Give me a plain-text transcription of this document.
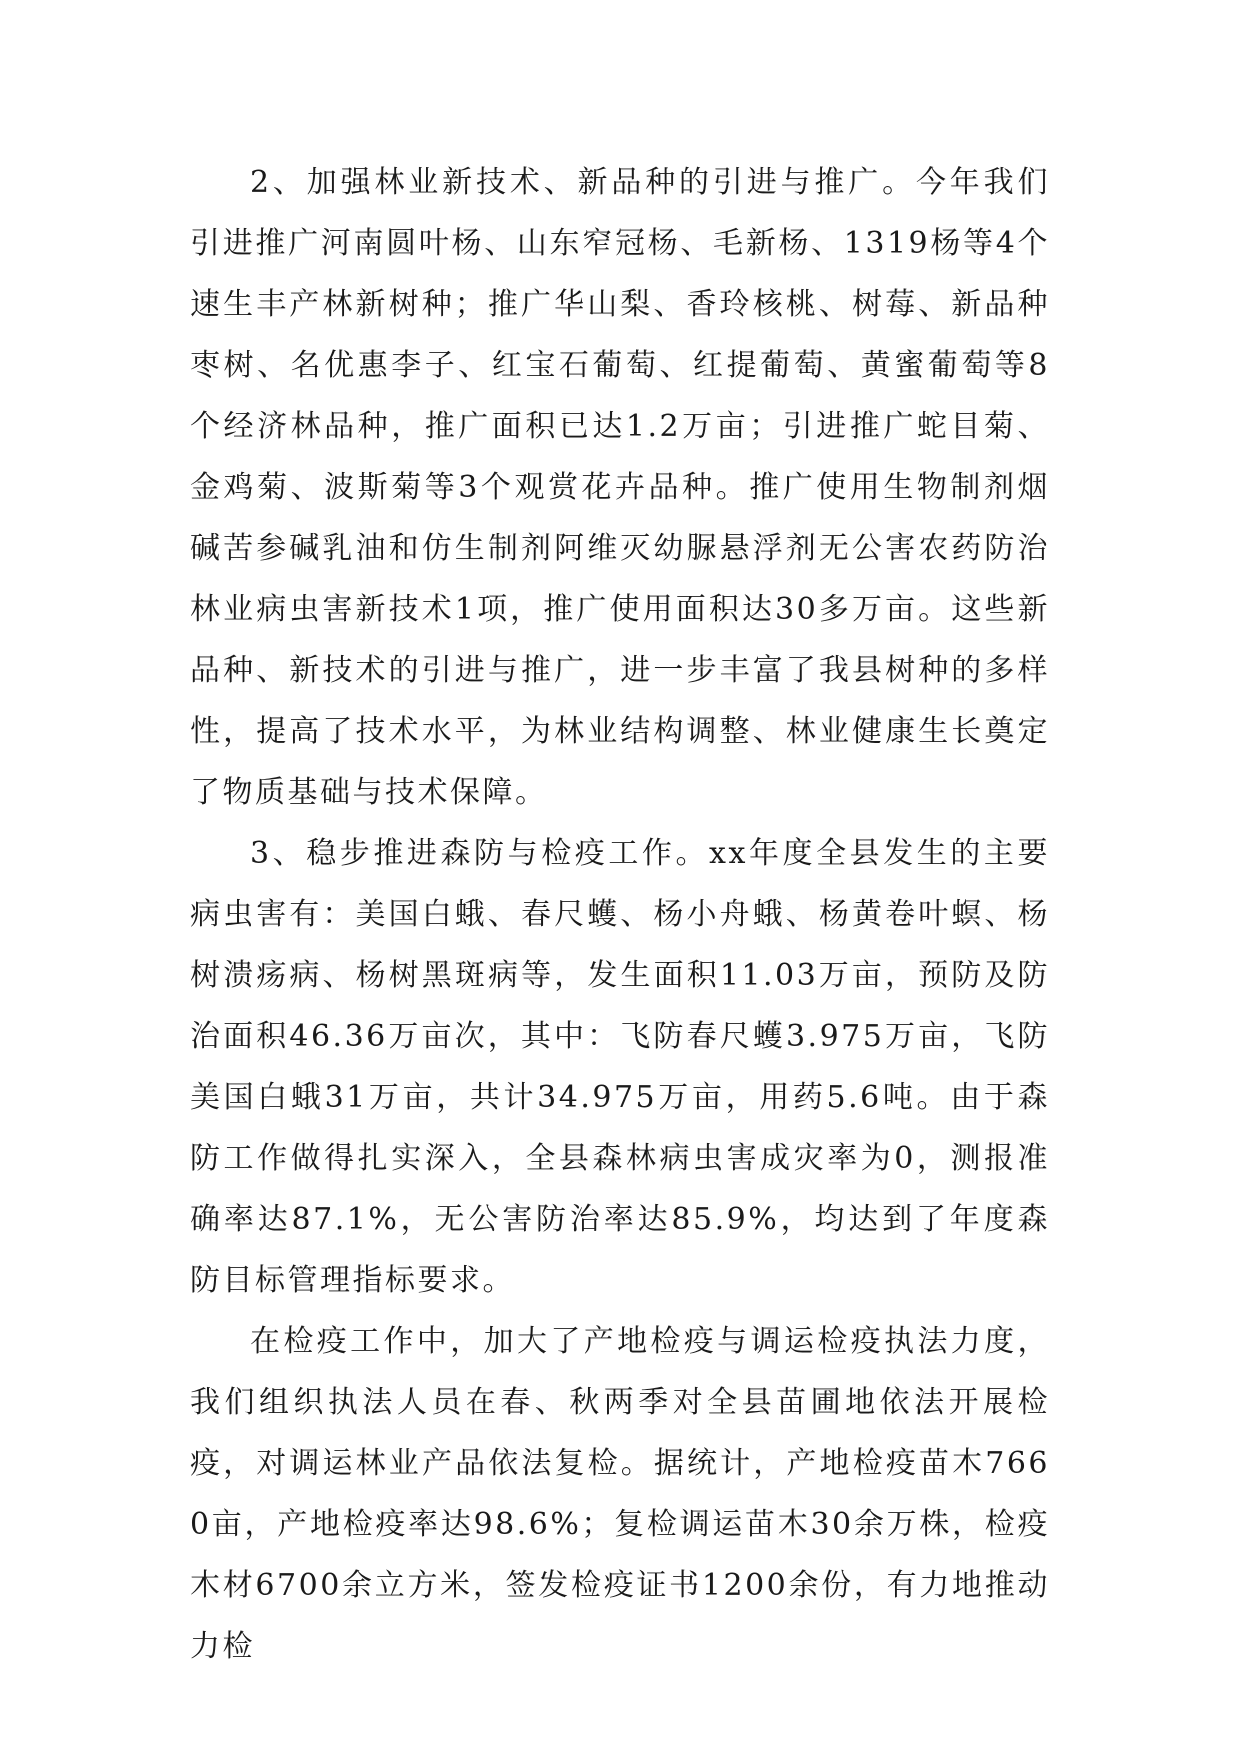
2、加强林业新技术、新品种的引进与推广。今年我们引进推广河南圆叶杨、山东窄冠杨、毛新杨、1319杨等4个速生丰产林新树种；推广华山梨、香玲核桃、树莓、新品种枣树、名优惠李子、红宝石葡萄、红提葡萄、黄蜜葡萄等8个经济林品种，推广面积已达1.2万亩；引进推广蛇目菊、金鸡菊、波斯菊等3个观赏花卉品种。推广使用生物制剂烟碱苦参碱乳油和仿生制剂阿维灭幼脲悬浮剂无公害农药防治林业病虫害新技术1项，推广使用面积达30多万亩。这些新品种、新技术的引进与推广，进一步丰富了我县树种的多样性，提高了技术水平，为林业结构调整、林业健康生长奠定了物质基础与技术保障。

3、稳步推进森防与检疫工作。xx年度全县发生的主要病虫害有：美国白蛾、春尺蠖、杨小舟蛾、杨黄卷叶螟、杨树溃疡病、杨树黑斑病等，发生面积11.03万亩，预防及防治面积46.36万亩次，其中：飞防春尺蠖3.975万亩，飞防美国白蛾31万亩，共计34.975万亩，用药5.6吨。由于森防工作做得扎实深入，全县森林病虫害成灾率为0，测报准确率达87.1%，无公害防治率达85.9%，均达到了年度森防目标管理指标要求。

在检疫工作中，加大了产地检疫与调运检疫执法力度，我们组织执法人员在春、秋两季对全县苗圃地依法开展检疫，对调运林业产品依法复检。据统计，产地检疫苗木7660亩，产地检疫率达98.6%；复检调运苗木30余万株，检疫木材6700余立方米，签发检疫证书1200余份，有力地推动力检
